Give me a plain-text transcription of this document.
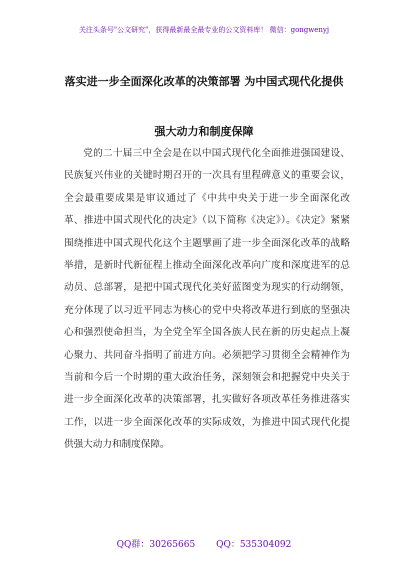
关注头条号"公文研究"，获得最新最全最专业的公文资料库！ 微信：gongwenyj
落实进一步全面深化改革的决策部署 为中国式现代化提供
强大动力和制度保障

党的二十届三中全会是在以中国式现代化全面推进强国建设、民族复兴伟业的关键时期召开的一次具有里程碑意义的重要会议，全会最重要成果是审议通过了《中共中央关于进一步全面深化改革、推进中国式现代化的决定》（以下简称《决定》）。《决定》紧紧围绕推进中国式现代化这个主题擘画了进一步全面深化改革的战略举措，是新时代新征程上推动全面深化改革向广度和深度进军的总动员、总部署，是把中国式现代化美好蓝图变为现实的行动纲领，充分体现了以习近平同志为核心的党中央将改革进行到底的坚强决心和强烈使命担当，为全党全军全国各族人民在新的历史起点上凝心聚力、共同奋斗指明了前进方向。必须把学习贯彻全会精神作为当前和今后一个时期的重大政治任务，深刻领会和把握党中央关于进一步全面深化改革的决策部署，扎实做好各项改革任务推进落实工作，以进一步全面深化改革的实际成效，为推进中国式现代化提供强大动力和制度保障。

QQ群：30265665 QQ：535304092
